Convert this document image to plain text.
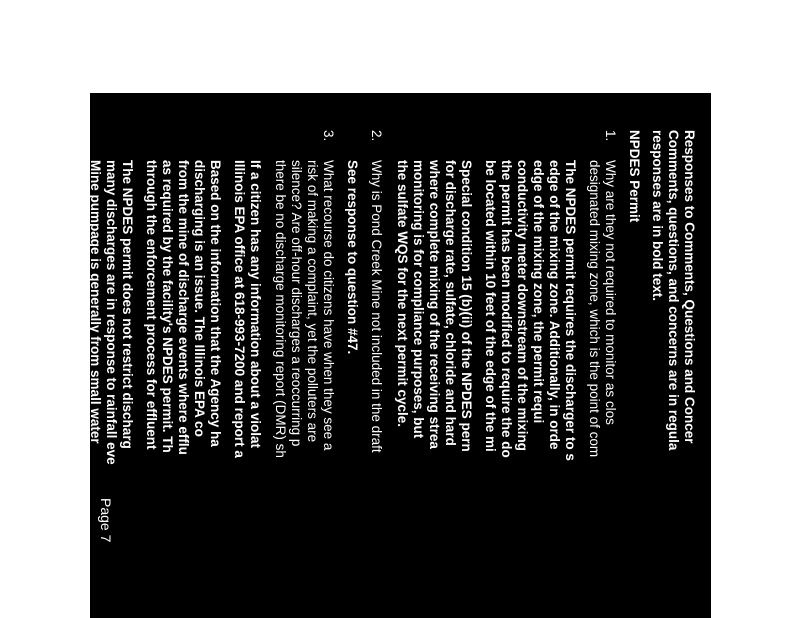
Responses to Comments, Questions and Concer
Comments, questions, and concerns are in regula
responses are in bold text.
NPDES Permit
1.
Why are they not required to monitor as clos
designated mixing zone, which is the point of com
The NPDES permit requires the discharger to s
edge of the mixing zone. Additionally, in orde
edge of the mixing zone, the permit requi
conductivity meter downstream of the mixing
the permit has been modified to require the do
be located within 10 feet of the edge of the mi
Special condition 15 (b)(ii) of the NPDES pern
for discharge rate, sulfate, chloride and hard
where complete mixing of the receiving strea
monitoring is for compliance purposes, but
the sulfate WQS for the next permit cycle.
2.
Why is Pond Creek Mine not included in the draft
See response to question #47.
3.
What recourse do citizens have when they see a
risk of making a complaint, yet the polluters are
silence? Are off-hour discharges a reoccurring p
there be no discharge monitoring report (DMR) sh
If a citizen has any information about a violat
Illinois EPA office at 618-993-7200 and report a
Based on the information that the Agency ha
discharging is an issue. The Illinois EPA co
from the mine of discharge events where efflu
as required by the facility's NPDES permit. Th
through the enforcement process for effluent
The NPDES permit does not restrict discharg
many discharges are in response to rainfall eve
Mine pumpage is generally from small water
underground operation that fill with groundwa
Page 7
